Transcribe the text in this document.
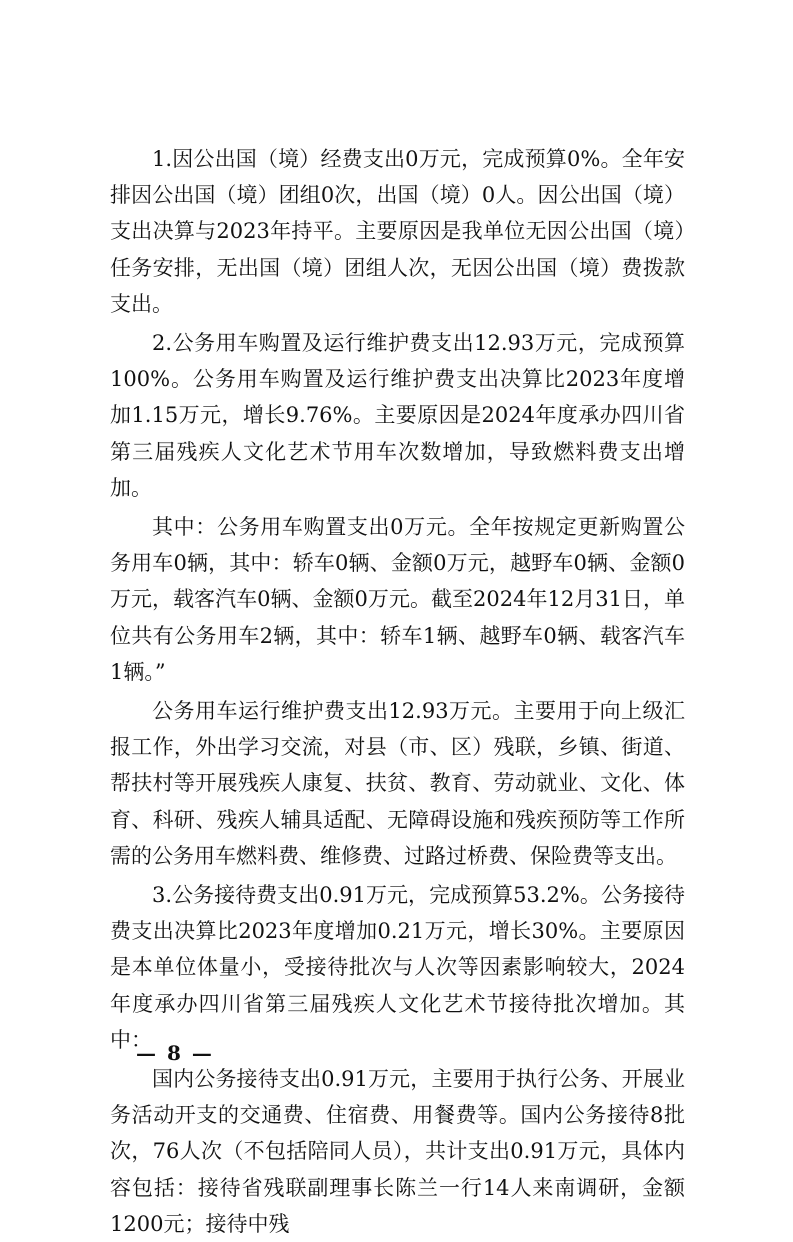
1.因公出国（境）经费支出0万元，完成预算0%。全年安排因公出国（境）团组0次，出国（境）0人。因公出国（境）支出决算与2023年持平。主要原因是我单位无因公出国（境）任务安排，无出国（境）团组人次，无因公出国（境）费拨款支出。

2.公务用车购置及运行维护费支出12.93万元，完成预算100%。公务用车购置及运行维护费支出决算比2023年度增加1.15万元，增长9.76%。主要原因是2024年度承办四川省第三届残疾人文化艺术节用车次数增加，导致燃料费支出增加。

其中：公务用车购置支出0万元。全年按规定更新购置公务用车0辆，其中：轿车0辆、金额0万元，越野车0辆、金额0万元，载客汽车0辆、金额0万元。截至2024年12月31日，单位共有公务用车2辆，其中：轿车1辆、越野车0辆、载客汽车1辆。”

公务用车运行维护费支出12.93万元。主要用于向上级汇报工作，外出学习交流，对县（市、区）残联，乡镇、街道、帮扶村等开展残疾人康复、扶贫、教育、劳动就业、文化、体育、科研、残疾人辅具适配、无障碍设施和残疾预防等工作所需的公务用车燃料费、维修费、过路过桥费、保险费等支出。

3.公务接待费支出0.91万元，完成预算53.2%。公务接待费支出决算比2023年度增加0.21万元，增长30%。主要原因是本单位体量小，受接待批次与人次等因素影响较大，2024年度承办四川省第三届残疾人文化艺术节接待批次增加。其中：

国内公务接待支出0.91万元，主要用于执行公务、开展业务活动开支的交通费、住宿费、用餐费等。国内公务接待8批次，76人次（不包括陪同人员），共计支出0.91万元，具体内容包括：接待省残联副理事长陈兰一行14人来南调研，金额1200元；接待中残

— 8 —
